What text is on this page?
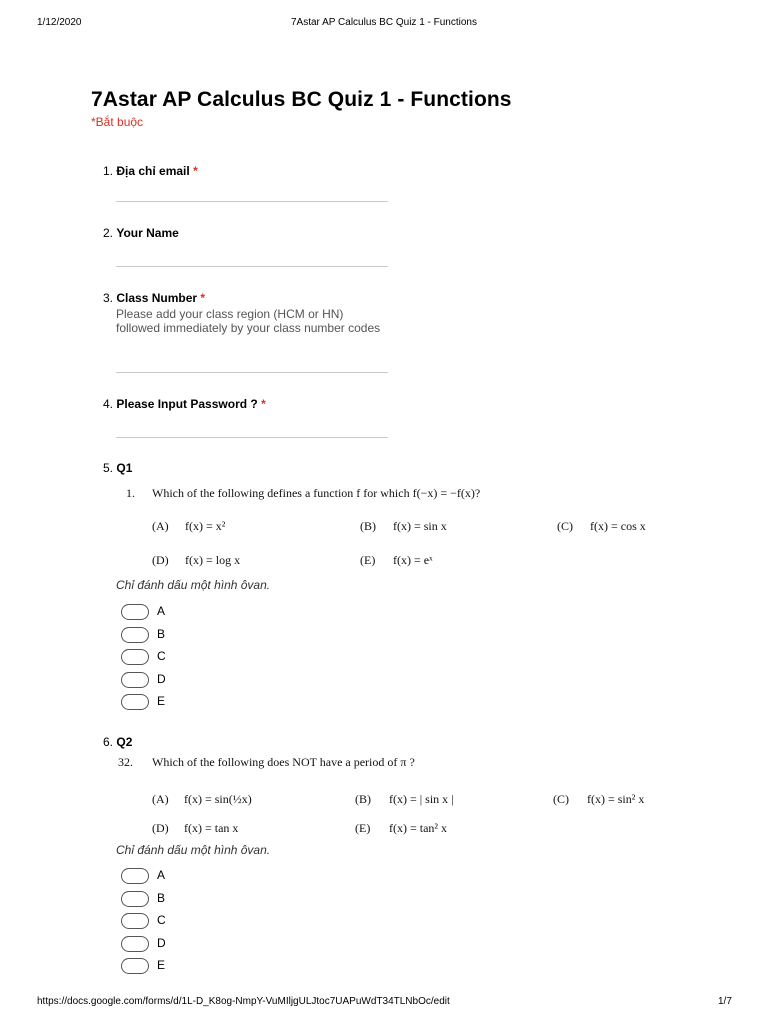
1/12/2020	7Astar AP Calculus BC Quiz 1 - Functions
7Astar AP Calculus BC Quiz 1 - Functions
*Bắt buộc
1. Địa chỉ email *
2. Your Name
3. Class Number *
Please add your class region (HCM or HN) followed immediately by your class number codes
4. Please Input Password ? *
5. Q1
1. Which of the following defines a function f for which f(−x) = −f(x)?
(A) f(x) = x²	(B) f(x) = sin x	(C) f(x) = cos x
(D) f(x) = log x	(E) f(x) = eˣ
Chỉ đánh dấu một hình ôvan.
A
B
C
D
E
6. Q2
32. Which of the following does NOT have a period of π ?
(A) f(x) = sin(½x)	(B) f(x) = | sin x |	(C) f(x) = sin² x
(D) f(x) = tan x	(E) f(x) = tan² x
Chỉ đánh dấu một hình ôvan.
A
B
C
D
E
https://docs.google.com/forms/d/1L-D_K8og-NmpY-VuMIljgULJtoc7UAPuWdT34TLNbOc/edit	1/7
